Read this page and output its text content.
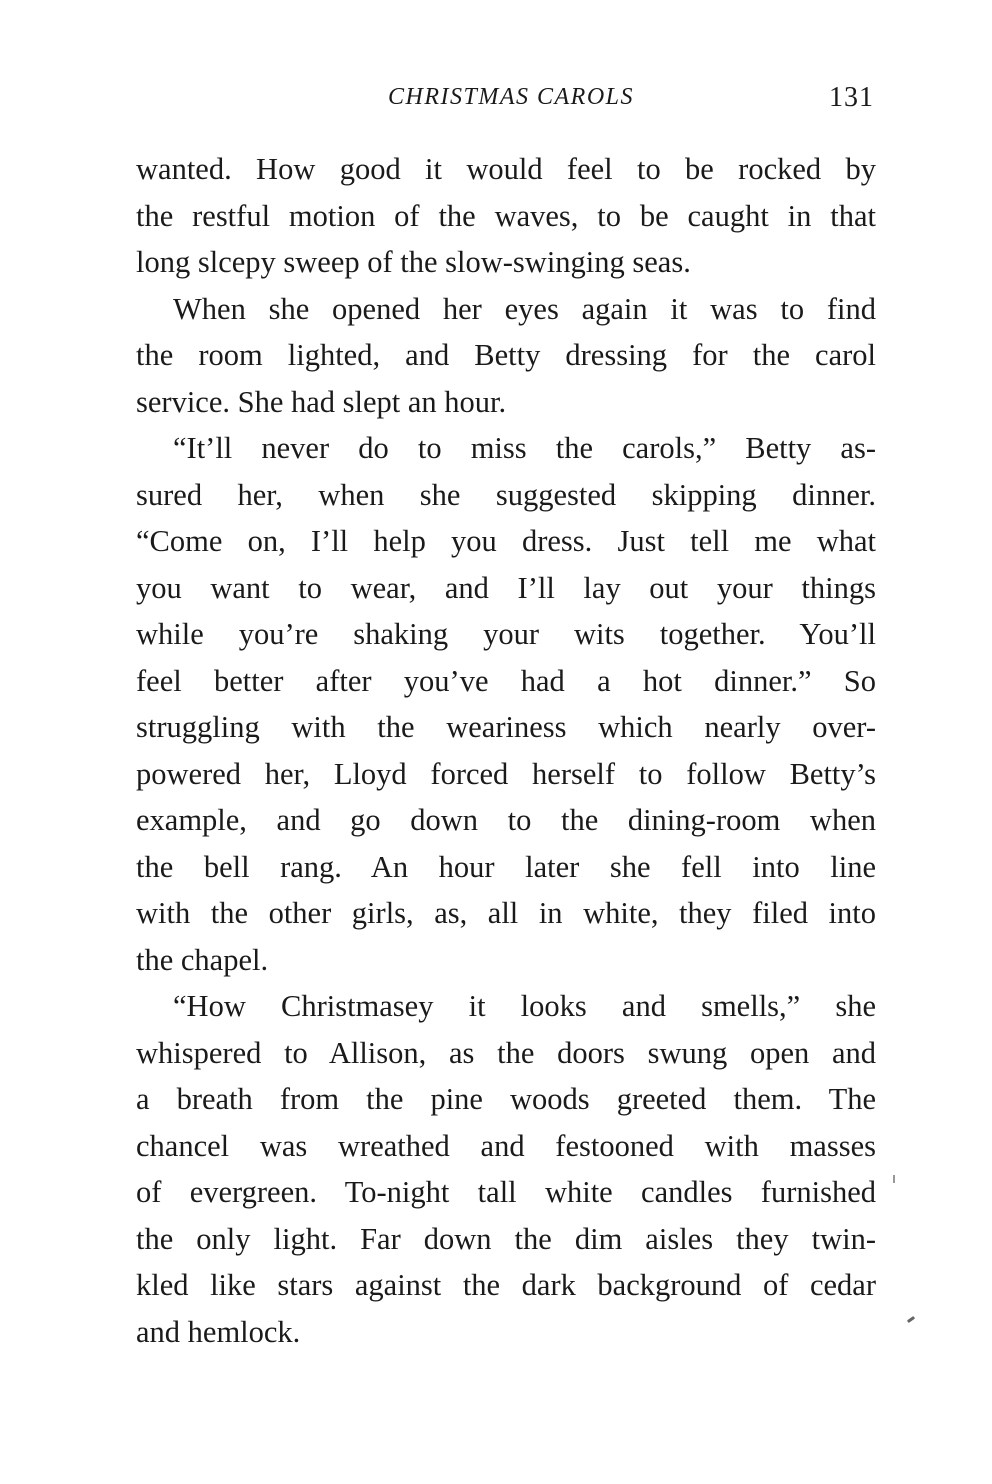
CHRISTMAS CAROLS	131
wanted. How good it would feel to be rocked by
the restful motion of the waves, to be caught in that
long slcepy sweep of the slow-swinging seas.
When she opened her eyes again it was to find
the room lighted, and Betty dressing for the carol
service. She had slept an hour.
“It’ll never do to miss the carols,” Betty as-
sured her, when she suggested skipping dinner.
“Come on, I’ll help you dress. Just tell me what
you want to wear, and I’ll lay out your things
while you’re shaking your wits together. You’ll
feel better after you’ve had a hot dinner.” So
struggling with the weariness which nearly over-
powered her, Lloyd forced herself to follow Betty’s
example, and go down to the dining-room when
the bell rang. An hour later she fell into line
with the other girls, as, all in white, they filed into
the chapel.
“How Christmasey it looks and smells,” she
whispered to Allison, as the doors swung open and
a breath from the pine woods greeted them. The
chancel was wreathed and festooned with masses
of evergreen. To-night tall white candles furnished
the only light. Far down the dim aisles they twin-
kled like stars against the dark background of cedar
and hemlock.
